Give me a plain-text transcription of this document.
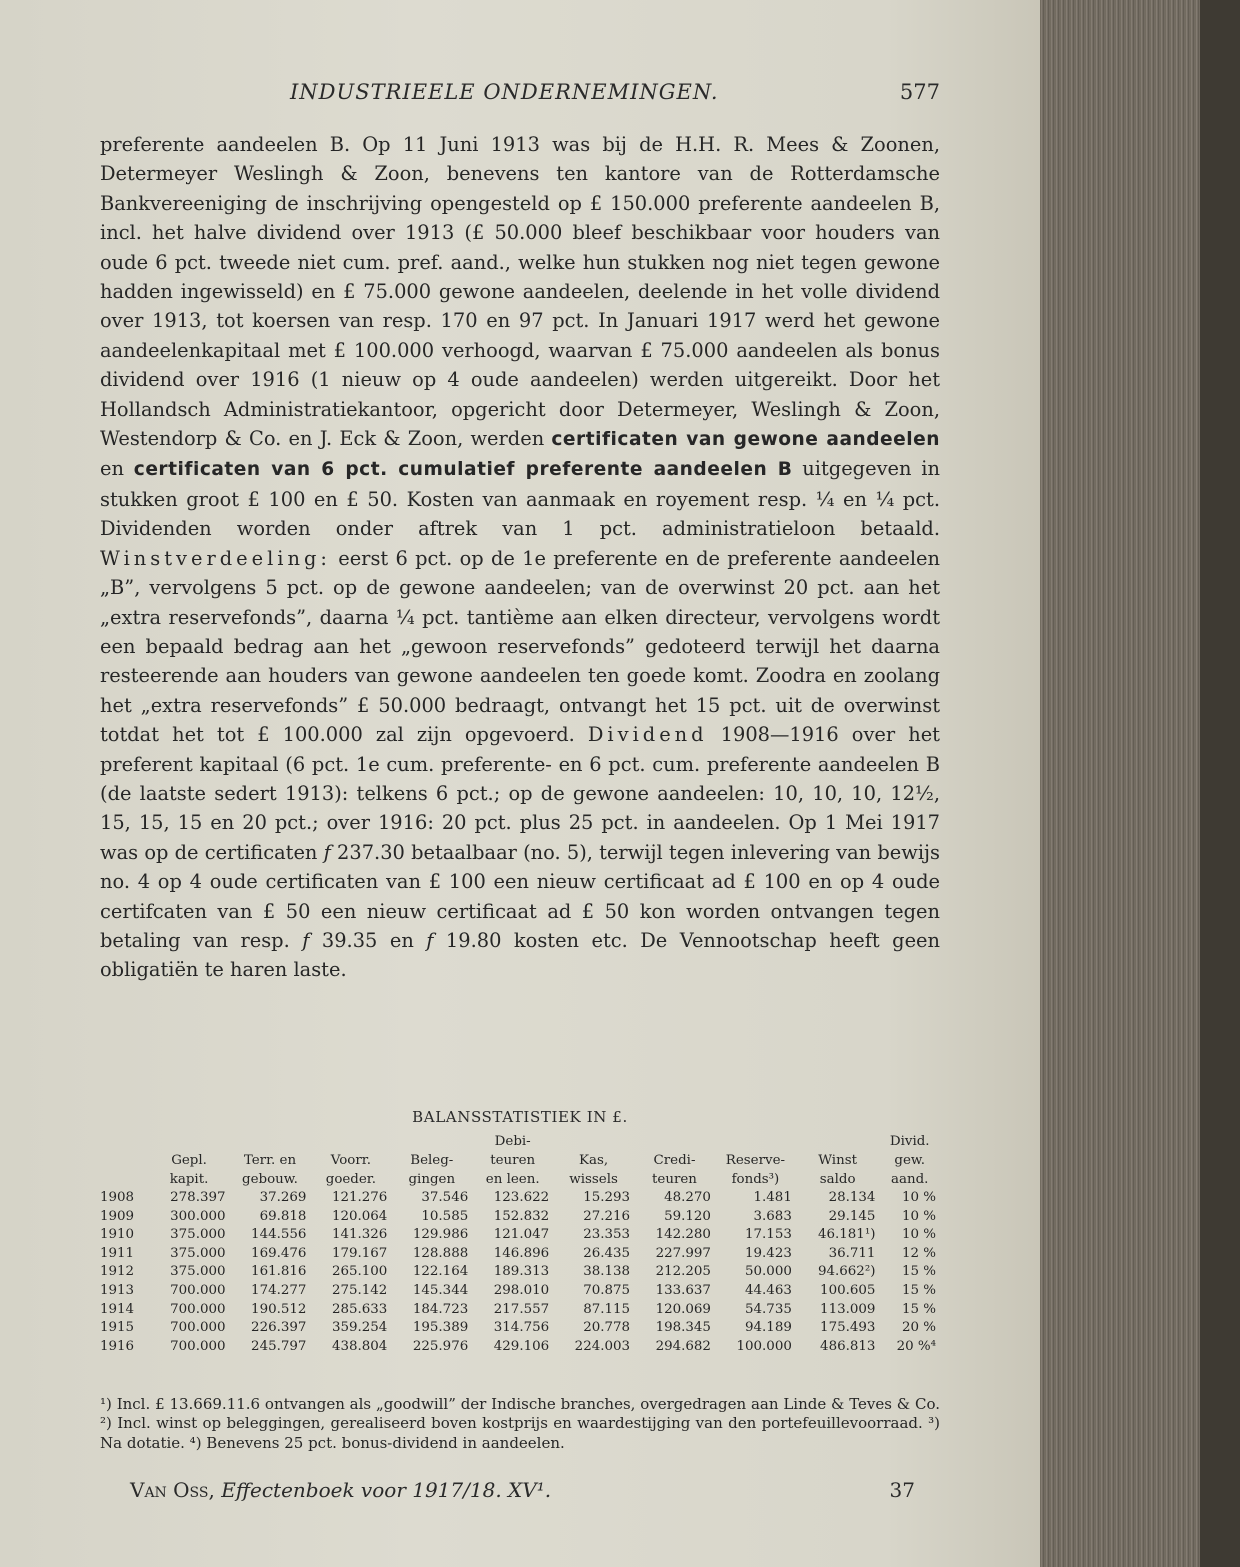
INDUSTRIEELE ONDERNEMINGEN.	577

preferente aandeelen B. Op 11 Juni 1913 was bij de H.H. R. Mees & Zoonen, Determeyer Weslingh & Zoon, benevens ten kantore van de Rotterdamsche Bankvereeniging de inschrijving opengesteld op £ 150.000 preferente aandeelen B, incl. het halve dividend over 1913 (£ 50.000 bleef beschikbaar voor houders van oude 6 pct. tweede niet cum. pref. aand., welke hun stukken nog niet tegen gewone hadden ingewisseld) en £ 75.000 gewone aandeelen, deelende in het volle dividend over 1913, tot koersen van resp. 170 en 97 pct. In Januari 1917 werd het gewone aandeelenkapitaal met £ 100.000 verhoogd, waarvan £ 75.000 aandeelen als bonus dividend over 1916 (1 nieuw op 4 oude aandeelen) werden uitgereikt. Door het Hollandsch Administratiekantoor, opgericht door Determeyer, Weslingh & Zoon, Westendorp & Co. en J. Eck & Zoon, werden certificaten van gewone aandeelen en certificaten van 6 pct. cumulatief preferente aandeelen B uitgegeven in stukken groot £ 100 en £ 50. Kosten van aanmaak en royement resp. ¼ en ¼ pct. Dividenden worden onder aftrek van 1 pct. administratieloon betaald. Winstverdeeling: eerst 6 pct. op de 1e preferente en de preferente aandeelen „B”, vervolgens 5 pct. op de gewone aandeelen; van de overwinst 20 pct. aan het „extra reservefonds”, daarna ¼ pct. tantième aan elken directeur, vervolgens wordt een bepaald bedrag aan het „gewoon reservefonds” gedoteerd terwijl het daarna resteerende aan houders van gewone aandeelen ten goede komt. Zoodra en zoolang het „extra reservefonds” £ 50.000 bedraagt, ontvangt het 15 pct. uit de overwinst totdat het tot £ 100.000 zal zijn opgevoerd. Dividend 1908—1916 over het preferent kapitaal (6 pct. 1e cum. preferente- en 6 pct. cum. preferente aandeelen B (de laatste sedert 1913): telkens 6 pct.; op de gewone aandeelen: 10, 10, 10, 12½, 15, 15, 15 en 20 pct.; over 1916: 20 pct. plus 25 pct. in aandeelen. Op 1 Mei 1917 was op de certificaten f 237.30 betaalbaar (no. 5), terwijl tegen inlevering van bewijs no. 4 op 4 oude certificaten van £ 100 een nieuw certificaat ad £ 100 en op 4 oude certifcaten van £ 50 een nieuw certificaat ad £ 50 kon worden ontvangen tegen betaling van resp. f 39.35 en f 19.80 kosten etc. De Vennootschap heeft geen obligatiën te haren laste.

BALANSSTATISTIEK IN £.
					Debi-					Divid.
	Gepl.	Terr. en	Voorr.	Beleg-	teuren	Kas,	Credi-	Reserve-	Winst	gew.
	kapit.	gebouw.	goeder.	gingen	en leen.	wissels	teuren	fonds³)	saldo	aand.
1908	278.397	37.269	121.276	37.546	123.622	15.293	48.270	1.481	28.134	10 %
1909	300.000	69.818	120.064	10.585	152.832	27.216	59.120	3.683	29.145	10 %
1910	375.000	144.556	141.326	129.986	121.047	23.353	142.280	17.153	46.181¹)	10 %
1911	375.000	169.476	179.167	128.888	146.896	26.435	227.997	19.423	36.711	12 %
1912	375.000	161.816	265.100	122.164	189.313	38.138	212.205	50.000	94.662²)	15 %
1913	700.000	174.277	275.142	145.344	298.010	70.875	133.637	44.463	100.605	15 %
1914	700.000	190.512	285.633	184.723	217.557	87.115	120.069	54.735	113.009	15 %
1915	700.000	226.397	359.254	195.389	314.756	20.778	198.345	94.189	175.493	20 %
1916	700.000	245.797	438.804	225.976	429.106	224.003	294.682	100.000	486.813	20 %⁴

¹) Incl. £ 13.669.11.6 ontvangen als „goodwill” der Indische branches, overgedragen aan Linde & Teves & Co. ²) Incl. winst op beleggingen, gerealiseerd boven kostprijs en waardestijging van den portefeuillevoorraad. ³) Na dotatie. ⁴) Benevens 25 pct. bonus-dividend in aandeelen.

Van Oss, Effectenboek voor 1917/18. XV¹.	37
